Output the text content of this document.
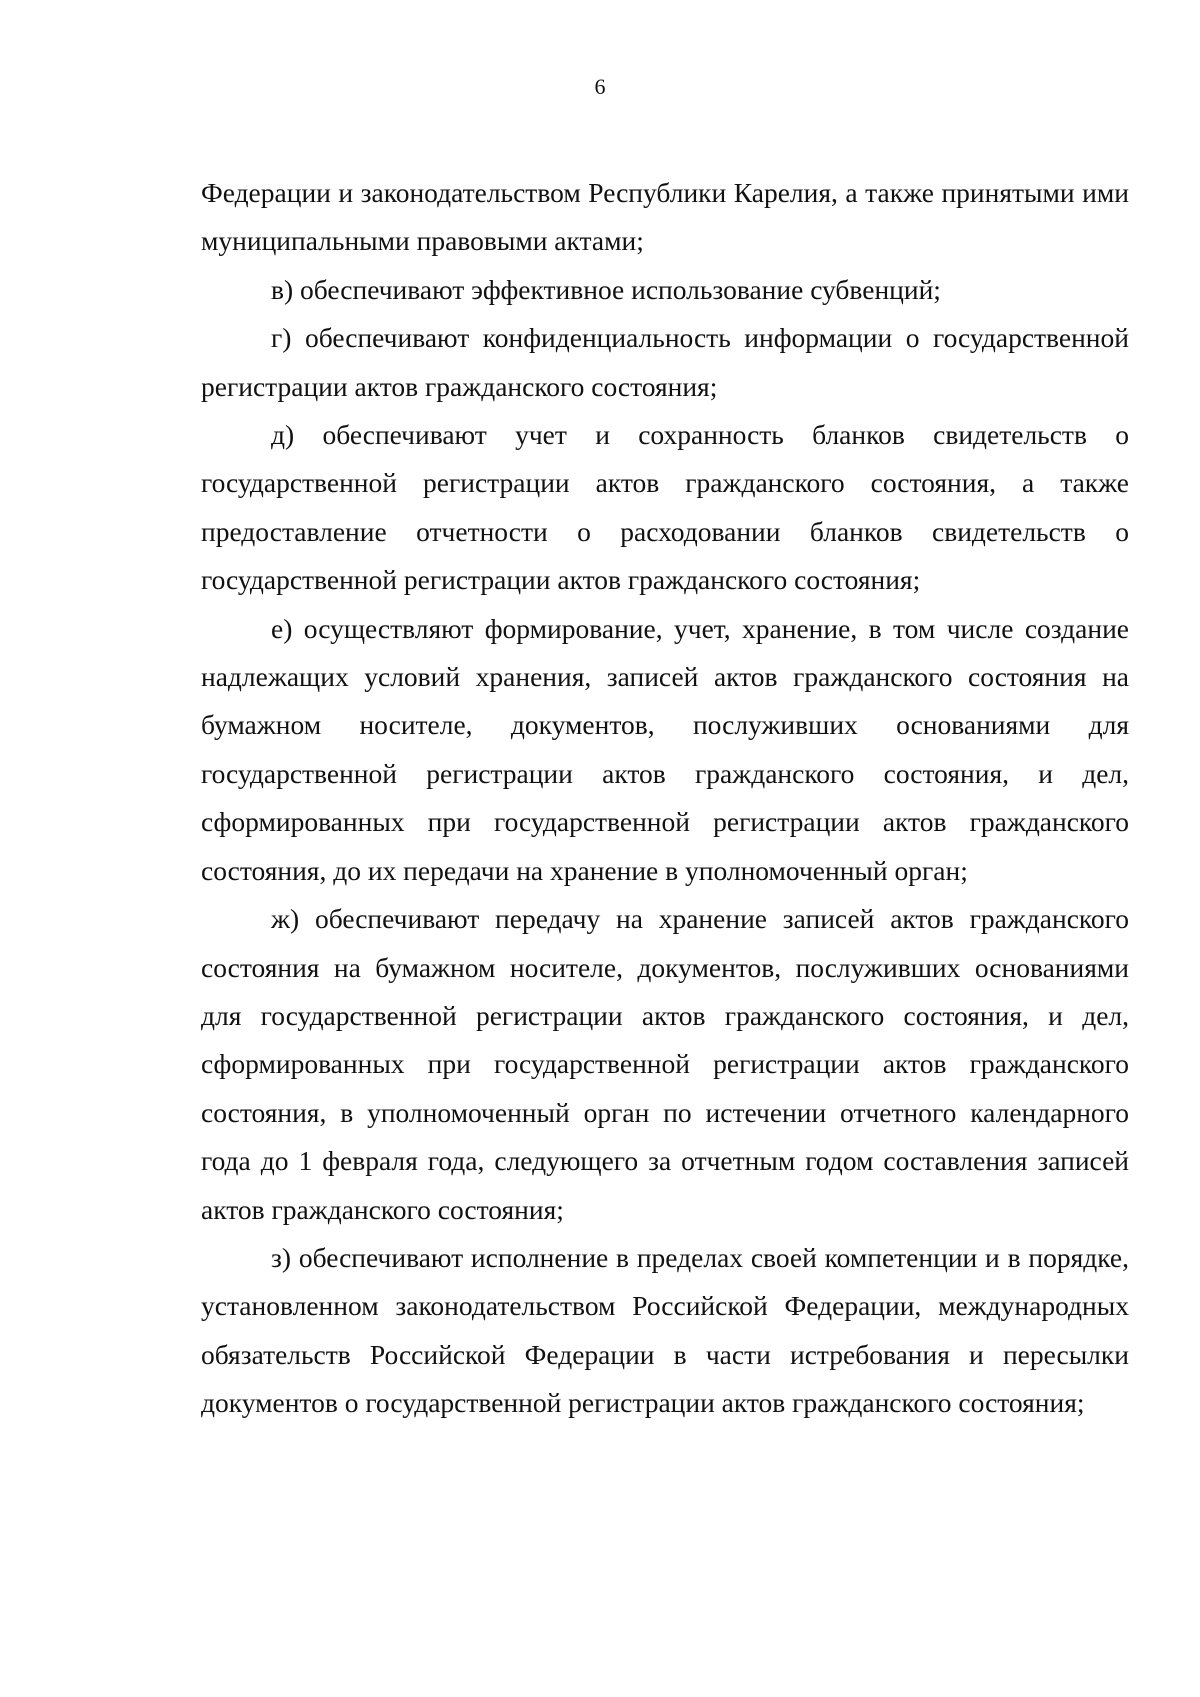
6

Федерации и законодательством Республики Карелия, а также принятыми ими муниципальными правовыми актами;

в) обеспечивают эффективное использование субвенций;

г) обеспечивают конфиденциальность информации о государственной регистрации актов гражданского состояния;

д) обеспечивают учет и сохранность бланков свидетельств о государственной регистрации актов гражданского состояния, а также предоставление отчетности о расходовании бланков свидетельств о государственной регистрации актов гражданского состояния;

е) осуществляют формирование, учет, хранение, в том числе создание надлежащих условий хранения, записей актов гражданского состояния на бумажном носителе, документов, послуживших основаниями для государственной регистрации актов гражданского состояния, и дел, сформированных при государственной регистрации актов гражданского состояния, до их передачи на хранение в уполномоченный орган;

ж) обеспечивают передачу на хранение записей актов гражданского состояния на бумажном носителе, документов, послуживших основаниями для государственной регистрации актов гражданского состояния, и дел, сформированных при государственной регистрации актов гражданского состояния, в уполномоченный орган по истечении отчетного календарного года до 1 февраля года, следующего за отчетным годом составления записей актов гражданского состояния;

з) обеспечивают исполнение в пределах своей компетенции и в порядке, установленном законодательством Российской Федерации, международных обязательств Российской Федерации в части истребования и пересылки документов о государственной регистрации актов гражданского состояния;
